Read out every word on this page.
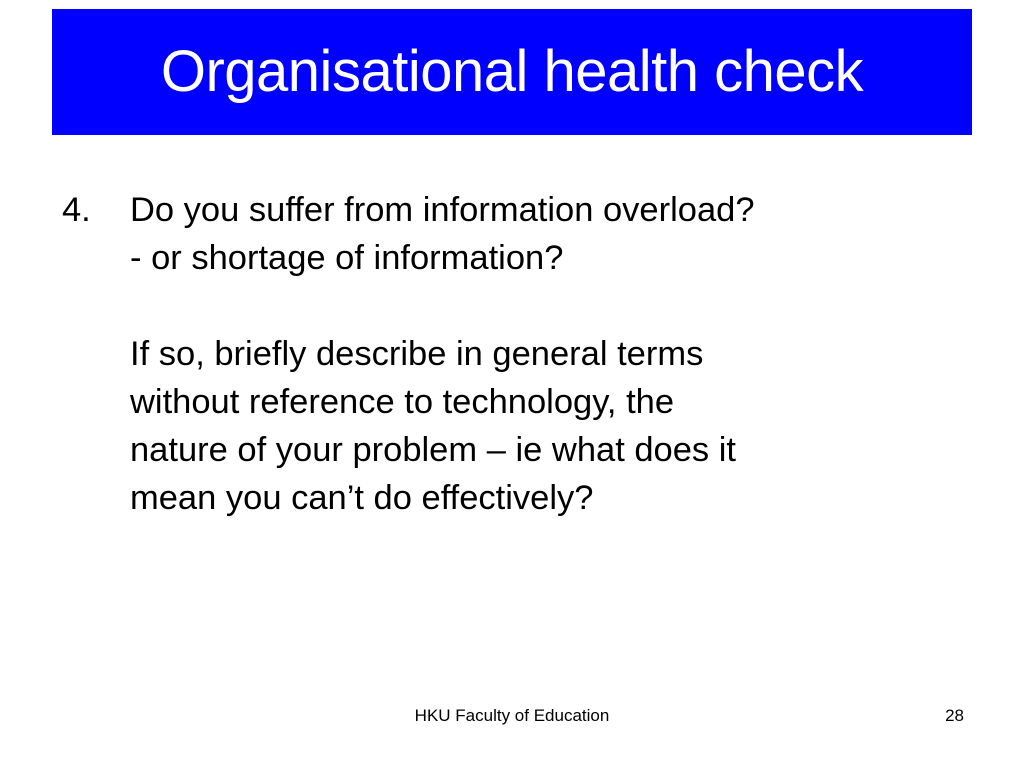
Organisational health check
4. Do you suffer from information overload?
- or shortage of information?
If so, briefly describe in general terms
without reference to technology, the
nature of your problem – ie what does it
mean you can’t do effectively?
HKU Faculty of Education	28
